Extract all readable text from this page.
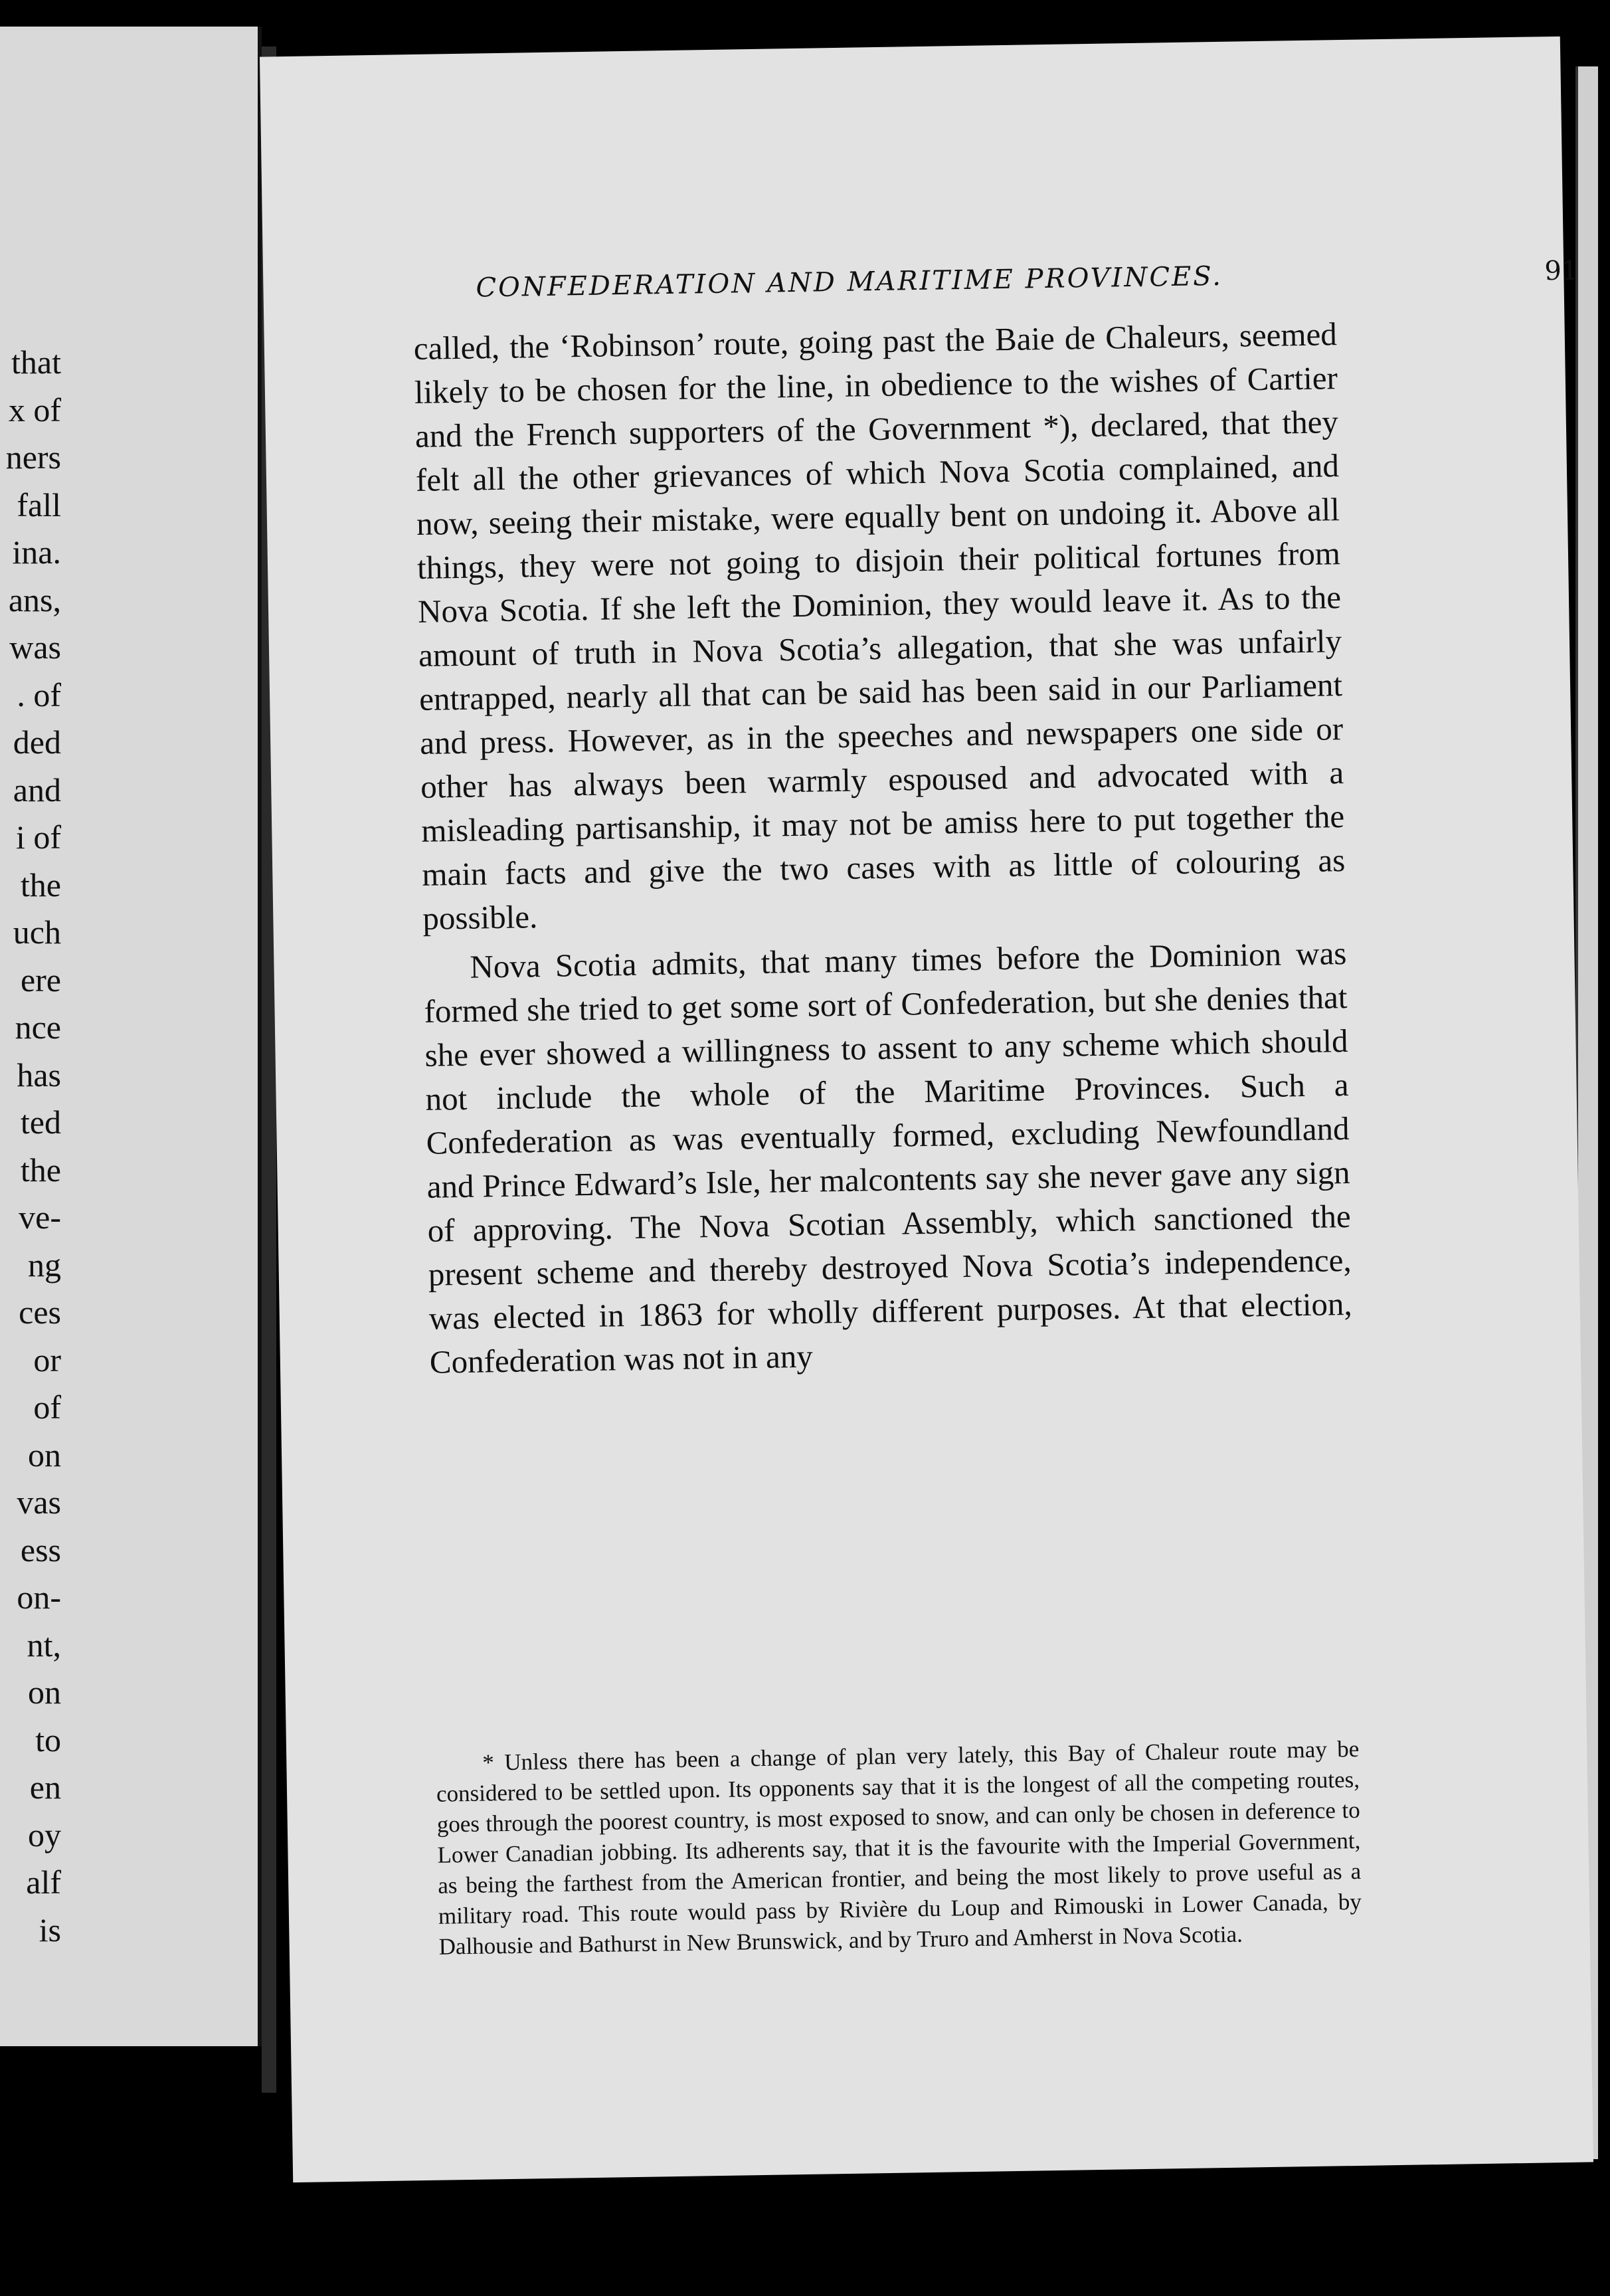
that
x of
ners
fall
ina.
ans,
was
. of
ded
and
i of
the
uch
ere
nce
has
ted
the
ve-
ng
ces
or
of
on
vas
ess
on-
nt,
on
to
en
oy
alf
is
CONFEDERATION AND MARITIME PROVINCES.	91

called, the ‘Robinson’ route, going past the Baie de Chaleurs, seemed likely to be chosen for the line, in obedience to the wishes of Cartier and the French supporters of the Government *), declared, that they felt all the other grievances of which Nova Scotia complained, and now, seeing their mistake, were equally bent on undoing it. Above all things, they were not going to disjoin their political fortunes from Nova Scotia. If she left the Dominion, they would leave it. As to the amount of truth in Nova Scotia’s allegation, that she was unfairly entrapped, nearly all that can be said has been said in our Parliament and press. However, as in the speeches and newspapers one side or other has always been warmly espoused and advocated with a misleading partisanship, it may not be amiss here to put together the main facts and give the two cases with as little of colouring as possible.

Nova Scotia admits, that many times before the Dominion was formed she tried to get some sort of Confederation, but she denies that she ever showed a willingness to assent to any scheme which should not include the whole of the Maritime Provinces. Such a Confederation as was eventually formed, excluding Newfoundland and Prince Edward’s Isle, her malcontents say she never gave any sign of approving. The Nova Scotian Assembly, which sanctioned the present scheme and thereby destroyed Nova Scotia’s independence, was elected in 1863 for wholly different purposes. At that election, Confederation was not in any

* Unless there has been a change of plan very lately, this Bay of Chaleur route may be considered to be settled upon. Its opponents say that it is the longest of all the competing routes, goes through the poorest country, is most exposed to snow, and can only be chosen in deference to Lower Canadian jobbing. Its adherents say, that it is the favourite with the Imperial Government, as being the farthest from the American frontier, and being the most likely to prove useful as a military road. This route would pass by Rivière du Loup and Rimouski in Lower Canada, by Dalhousie and Bathurst in New Brunswick, and by Truro and Amherst in Nova Scotia.
